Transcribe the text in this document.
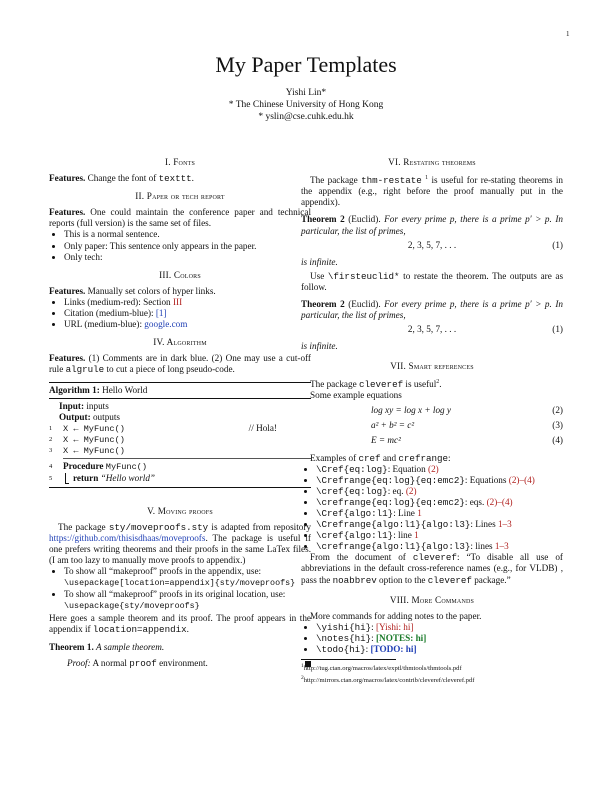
1
My Paper Templates
Yishi Lin*
* The Chinese University of Hong Kong
* yslin@cse.cuhk.edu.hk
I. Fonts

Features. Change the font of texttt.

II. Paper or tech report

Features. One could maintain the conference paper and technical reports (full version) is the same set of files.

• This is a normal sentence.
• Only paper: This sentence only appears in the paper.
• Only tech:
III. Colors

Features. Manually set colors of hyper links.

• Links (medium-red): Section III
• Citation (medium-blue): [1]
• URL (medium-blue): google.com
IV. Algorithm

Features. (1) Comments are in dark blue. (2) One may use a cut-off rule algrule to cut a piece of long pseudo-code.

Algorithm 1: Hello World
Input: inputs
Output: outputs
1 X ← MyFunc()	// Hola!
2 X ← MyFunc()
3 X ← MyFunc()
4 Procedure MyFunc()
5 return “Hello world”
V. Moving proofs

The package sty/moveproofs.sty is adapted from repository https://github.com/thisisdhaas/moveproofs. The package is useful if one prefers writing theorems and their proofs in the same LaTex files. (I am too lazy to manually move proofs to appendix.)

• To show all “makeproof” proofs in the appendix, use:
\usepackage[location=appendix]{sty/moveproofs}
• To show all “makeproof” proofs in its original location, use:
\usepackage{sty/moveproofs}

Here goes a sample theorem and its proof. The proof appears in the appendix if location=appendix.

Theorem 1. A sample theorem.

Proof: A normal proof environment.

VI. Restating theorems

The package thm-restate $^1$ is useful for re-stating theorems in the appendix (e.g., right before the proof manually put in the appendix).

Theorem 2 (Euclid). For every prime p, there is a prime p′ > p. In particular, the list of primes,

2, 3, 5, 7, . . .	(1)

is infinite.

Use \firsteuclid* to restate the theorem. The outputs are as follow.

Theorem 2 (Euclid). For every prime p, there is a prime p′ > p. In particular, the list of primes,

2, 3, 5, 7, . . .	(1)

is infinite.

VII. Smart references

The package cleveref is useful$^2$.

Some example equations

log xy = log x + log y	(2)
a² + b² = c²	(3)
E = mc²	(4)

Examples of cref and crefrange:

• \Cref{eq:log}: Equation (2)
• \Crefrange{eq:log}{eq:emc2}: Equations (2)–(4)
• \cref{eq:log}: eq. (2)
• \crefrange{eq:log}{eq:emc2}: eqs. (2)–(4)
• \Cref{algo:l1}: Line 1
• \Crefrange{algo:l1}{algo:l3}: Lines 1–3
• \cref{algo:l1}: line 1
• \crefrange{algo:l1}{algo:l3}: lines 1–3

From the document of cleveref: “To disable all use of abbreviations in the default cross-reference names (e.g., for VLDB) , pass the noabbrev option to the cleveref package.”

VIII. More Commands

More commands for adding notes to the paper.

• \yishi{hi}: [Yishi: hi]
• \notes{hi}: [NOTES: hi]
• \todo{hi}: [TODO: hi]
$^1$http://tug.ctan.org/macros/latex/exptl/thmtools/thmtools.pdf
$^2$http://mirrors.ctan.org/macros/latex/contrib/cleveref/cleveref.pdf
